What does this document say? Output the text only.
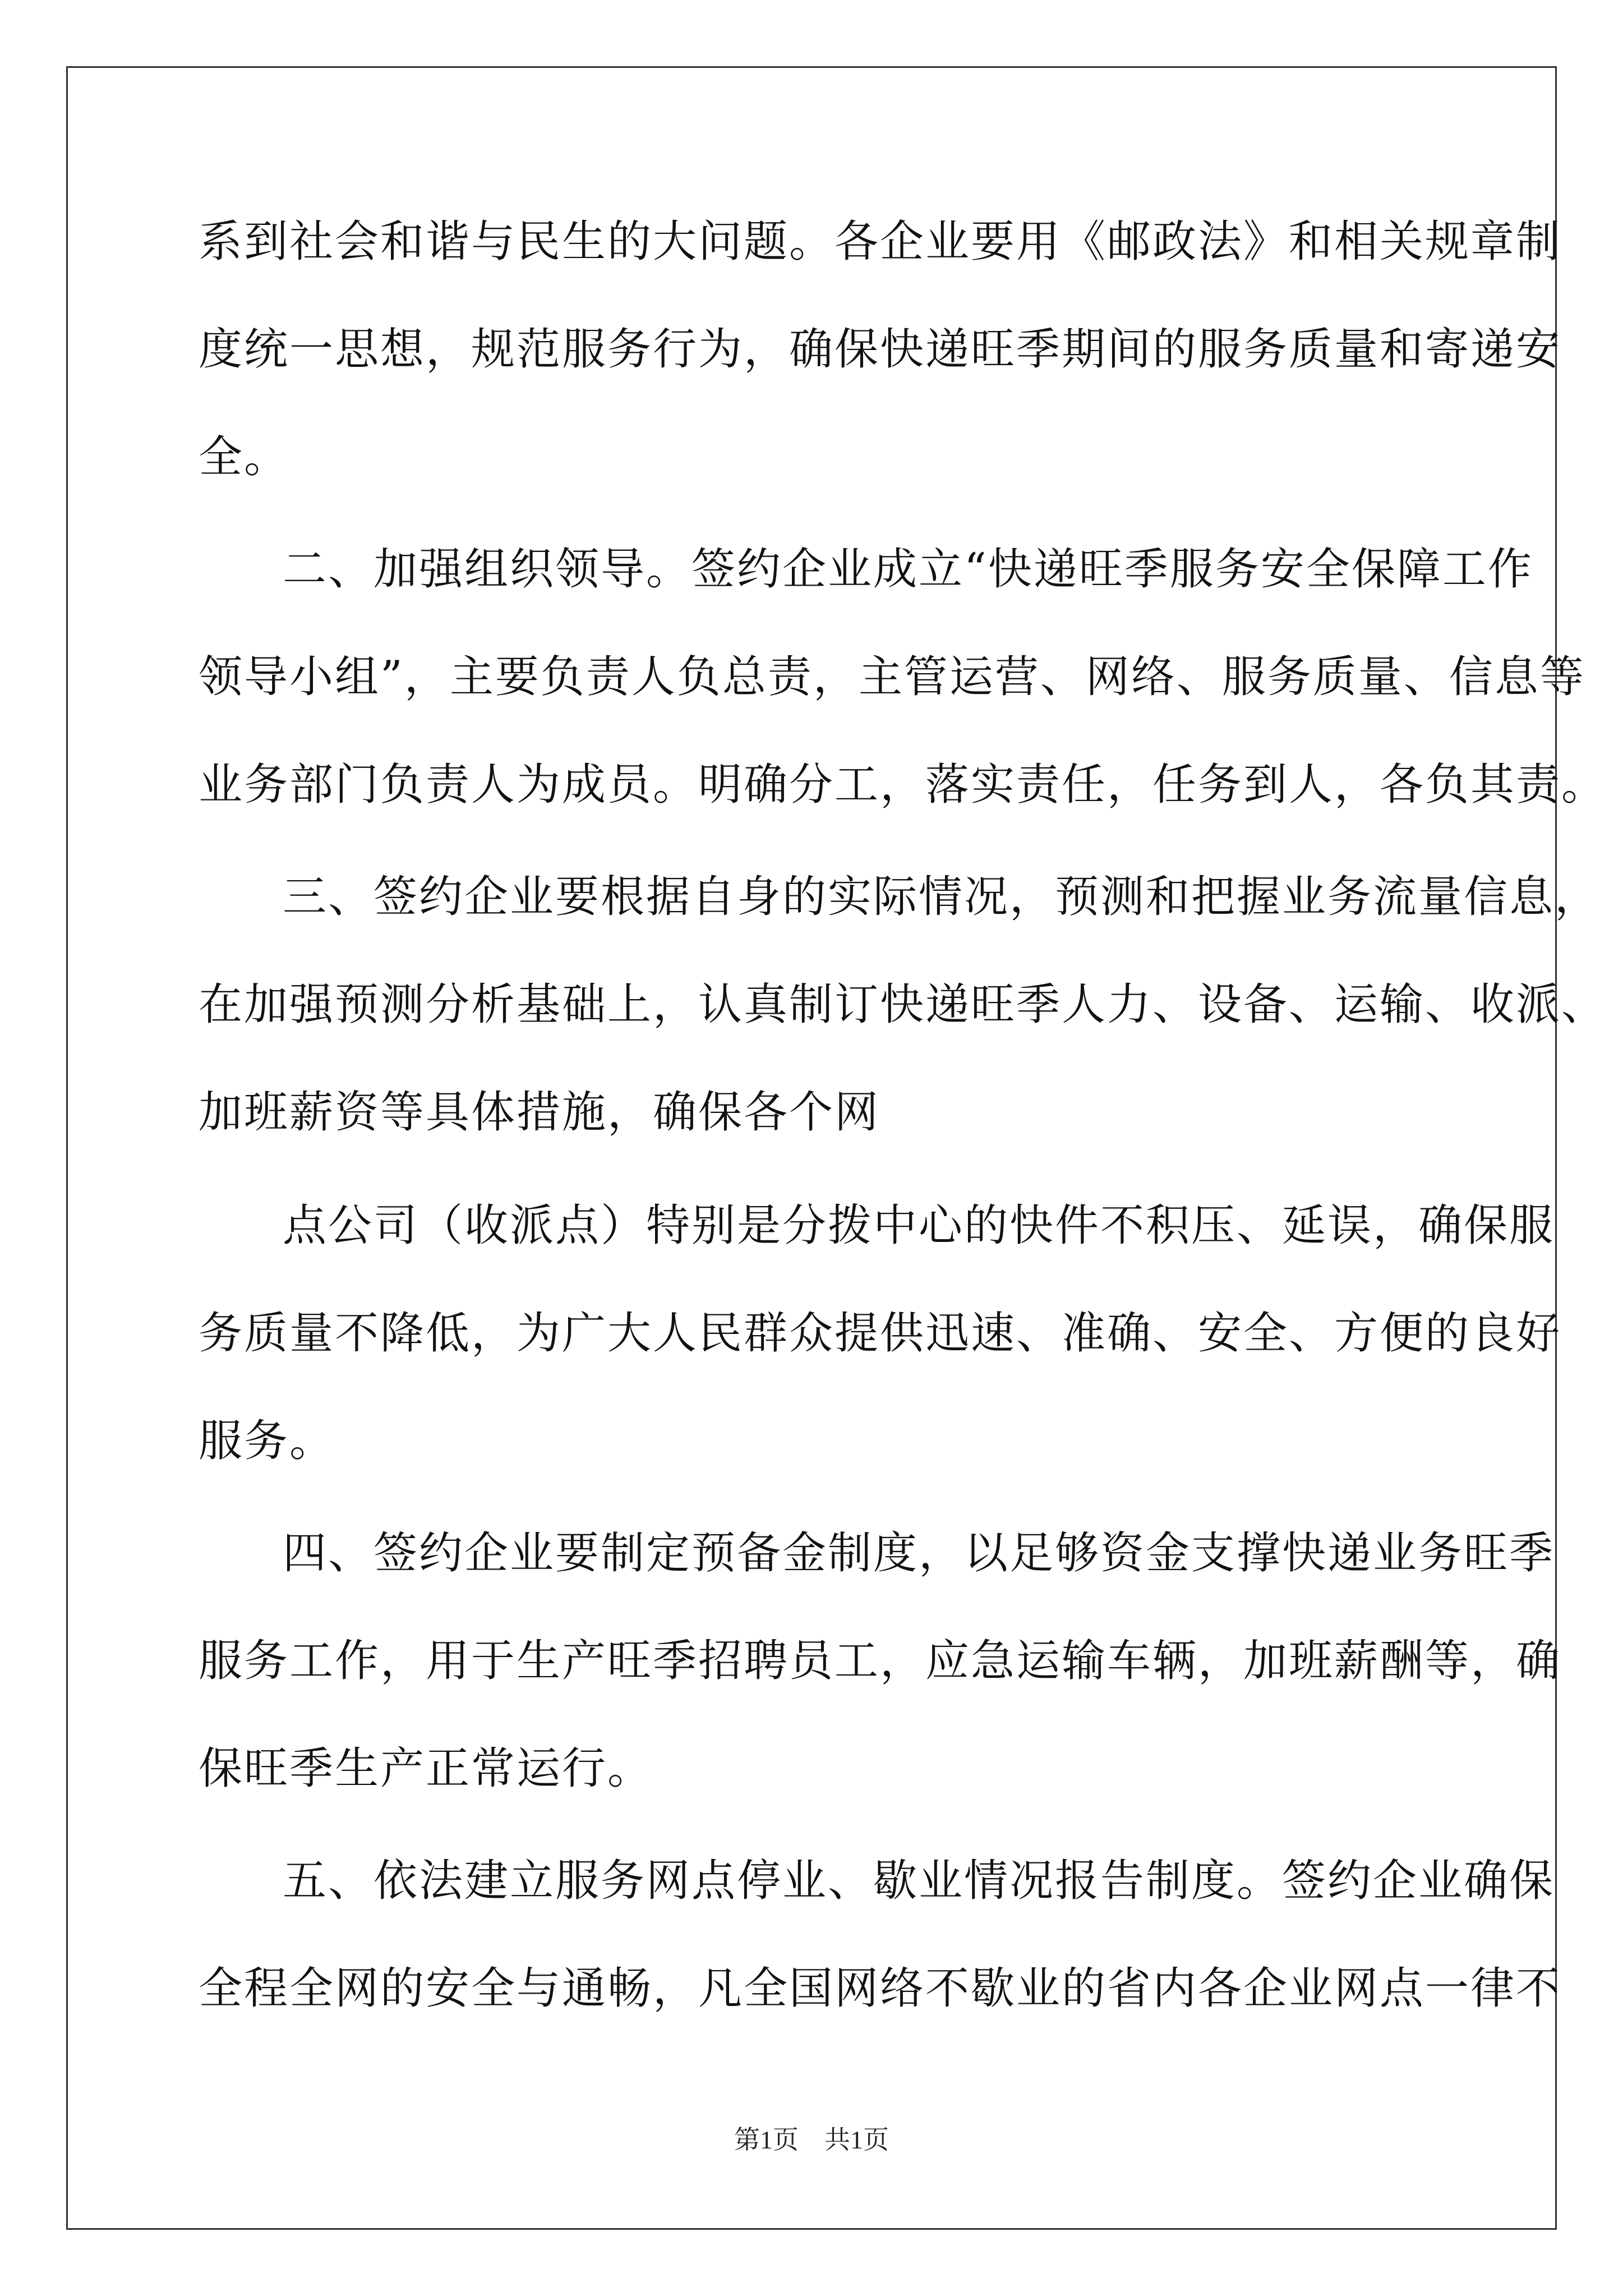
系到社会和谐与民生的大问题。各企业要用《邮政法》和相关规章制
度统一思想，规范服务行为，确保快递旺季期间的服务质量和寄递安
全。
二、加强组织领导。签约企业成立“快递旺季服务安全保障工作
领导小组”，主要负责人负总责，主管运营、网络、服务质量、信息等
业务部门负责人为成员。明确分工，落实责任，任务到人，各负其责。
三、签约企业要根据自身的实际情况，预测和把握业务流量信息，
在加强预测分析基础上，认真制订快递旺季人力、设备、运输、收派、
加班薪资等具体措施，确保各个网
点公司（收派点）特别是分拨中心的快件不积压、延误，确保服
务质量不降低，为广大人民群众提供迅速、准确、安全、方便的良好
服务。
四、签约企业要制定预备金制度，以足够资金支撑快递业务旺季
服务工作，用于生产旺季招聘员工，应急运输车辆，加班薪酬等，确
保旺季生产正常运行。
五、依法建立服务网点停业、歇业情况报告制度。签约企业确保
全程全网的安全与通畅，凡全国网络不歇业的省内各企业网点一律不
第1页　共1页
